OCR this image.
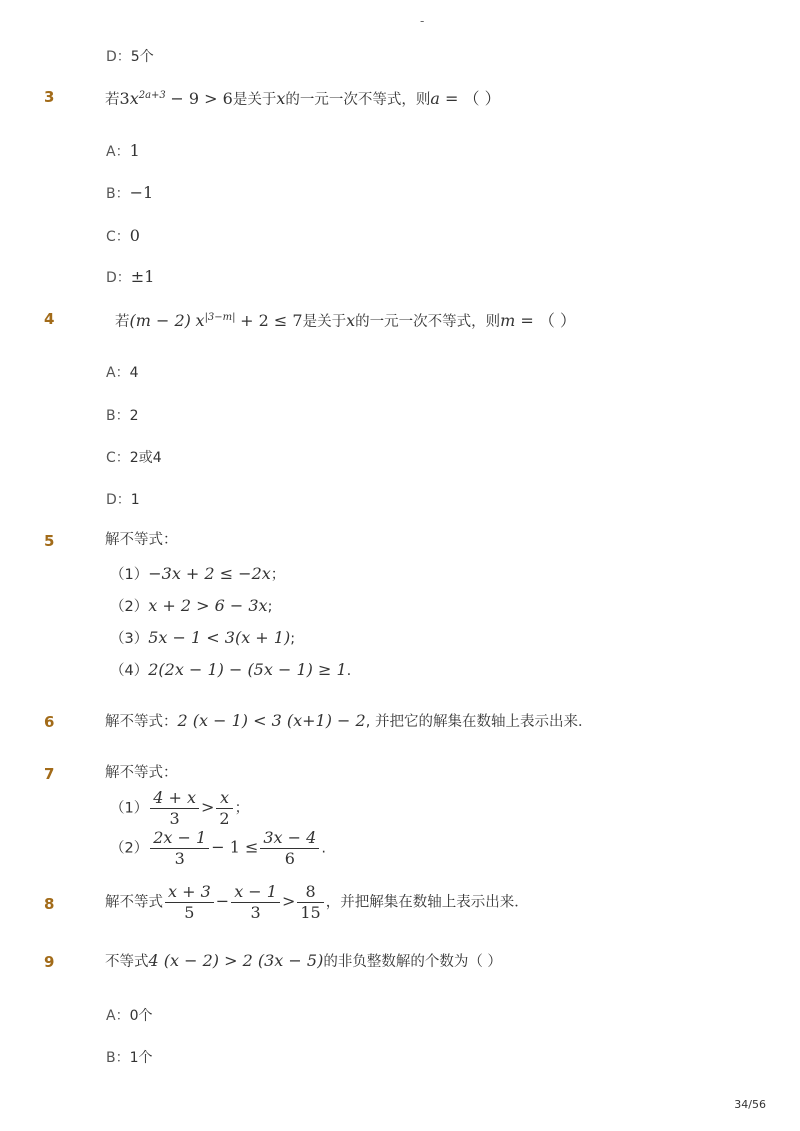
-
D：5个
3	若$3x^{2a+3} - 9 > 6$是关于x的一元一次不等式，则a = （ ）
A：1
B：−1
C：0
D：±1
4	若(m − 2) $x^{|3-m|} + 2 \le 7$是关于x的一元一次不等式，则m = （ ）
A：4
B：2
C：2或4
D：1
5	解不等式：
（1）−3x + 2 ≤ −2x；
（2）x + 2 > 6 − 3x;
（3）5x − 1 < 3(x + 1);
（4）2(2x − 1) − (5x − 1) ≥ 1.
6	解不等式：2 (x − 1) < 3 (x+1) − 2, 并把它的解集在数轴上表示出来．
7	解不等式：
$(1) \frac{4 + x}{3} > \frac{x}{2}$ ；
$(2) \frac{2x - 1}{3} - 1 \le \frac{3x - 4}{6}$ .
8	解不等式 $\frac{x + 3}{5} - \frac{x - 1}{3} > \frac{8}{15}$ ，并把解集在数轴上表示出来．
9	不等式4 (x − 2) > 2 (3x − 5)的非负整数解的个数为（ ）
A：0个
B：1个
34/56
